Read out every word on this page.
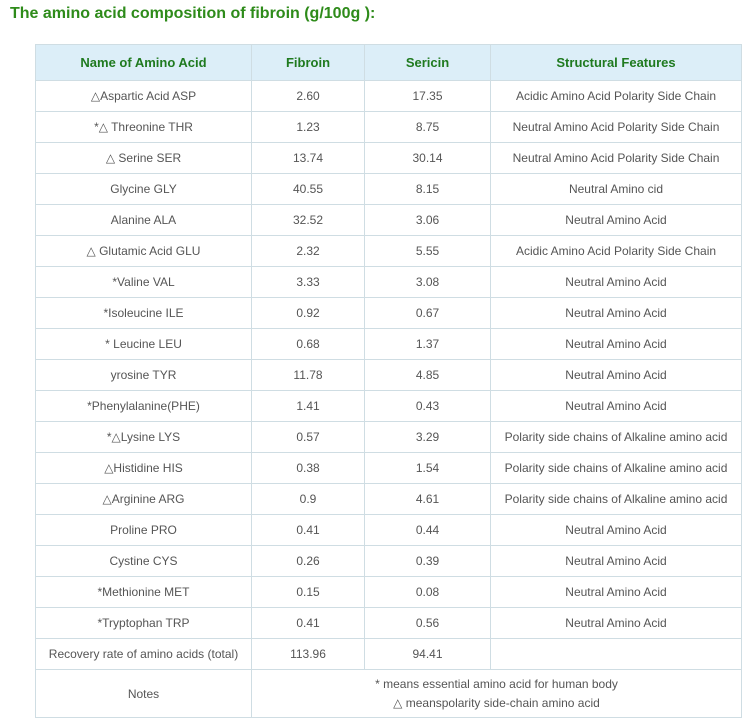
The amino acid composition of fibroin (g/100g ):
Name of Amino Acid	Fibroin	Sericin	Structural Features
△Aspartic Acid ASP	2.60	17.35	Acidic Amino Acid Polarity Side Chain
*△ Threonine THR	1.23	8.75	Neutral Amino Acid Polarity Side Chain
△ Serine SER	13.74	30.14	Neutral Amino Acid Polarity Side Chain
Glycine GLY	40.55	8.15	Neutral Amino cid
Alanine ALA	32.52	3.06	Neutral Amino Acid
△ Glutamic Acid GLU	2.32	5.55	Acidic Amino Acid Polarity Side Chain
*Valine VAL	3.33	3.08	Neutral Amino Acid
*Isoleucine ILE	0.92	0.67	Neutral Amino Acid
* Leucine LEU	0.68	1.37	Neutral Amino Acid
yrosine TYR	11.78	4.85	Neutral Amino Acid
*Phenylalanine(PHE)	1.41	0.43	Neutral Amino Acid
*△Lysine LYS	0.57	3.29	Polarity side chains of Alkaline amino acid
△Histidine HIS	0.38	1.54	Polarity side chains of Alkaline amino acid
△Arginine ARG	0.9	4.61	Polarity side chains of Alkaline amino acid
Proline PRO	0.41	0.44	Neutral Amino Acid
Cystine CYS	0.26	0.39	Neutral Amino Acid
*Methionine MET	0.15	0.08	Neutral Amino Acid
*Tryptophan TRP	0.41	0.56	Neutral Amino Acid
Recovery rate of amino acids (total)	113.96	94.41	
Notes	* means essential amino acid for human body
△ meanspolarity side-chain amino acid		
